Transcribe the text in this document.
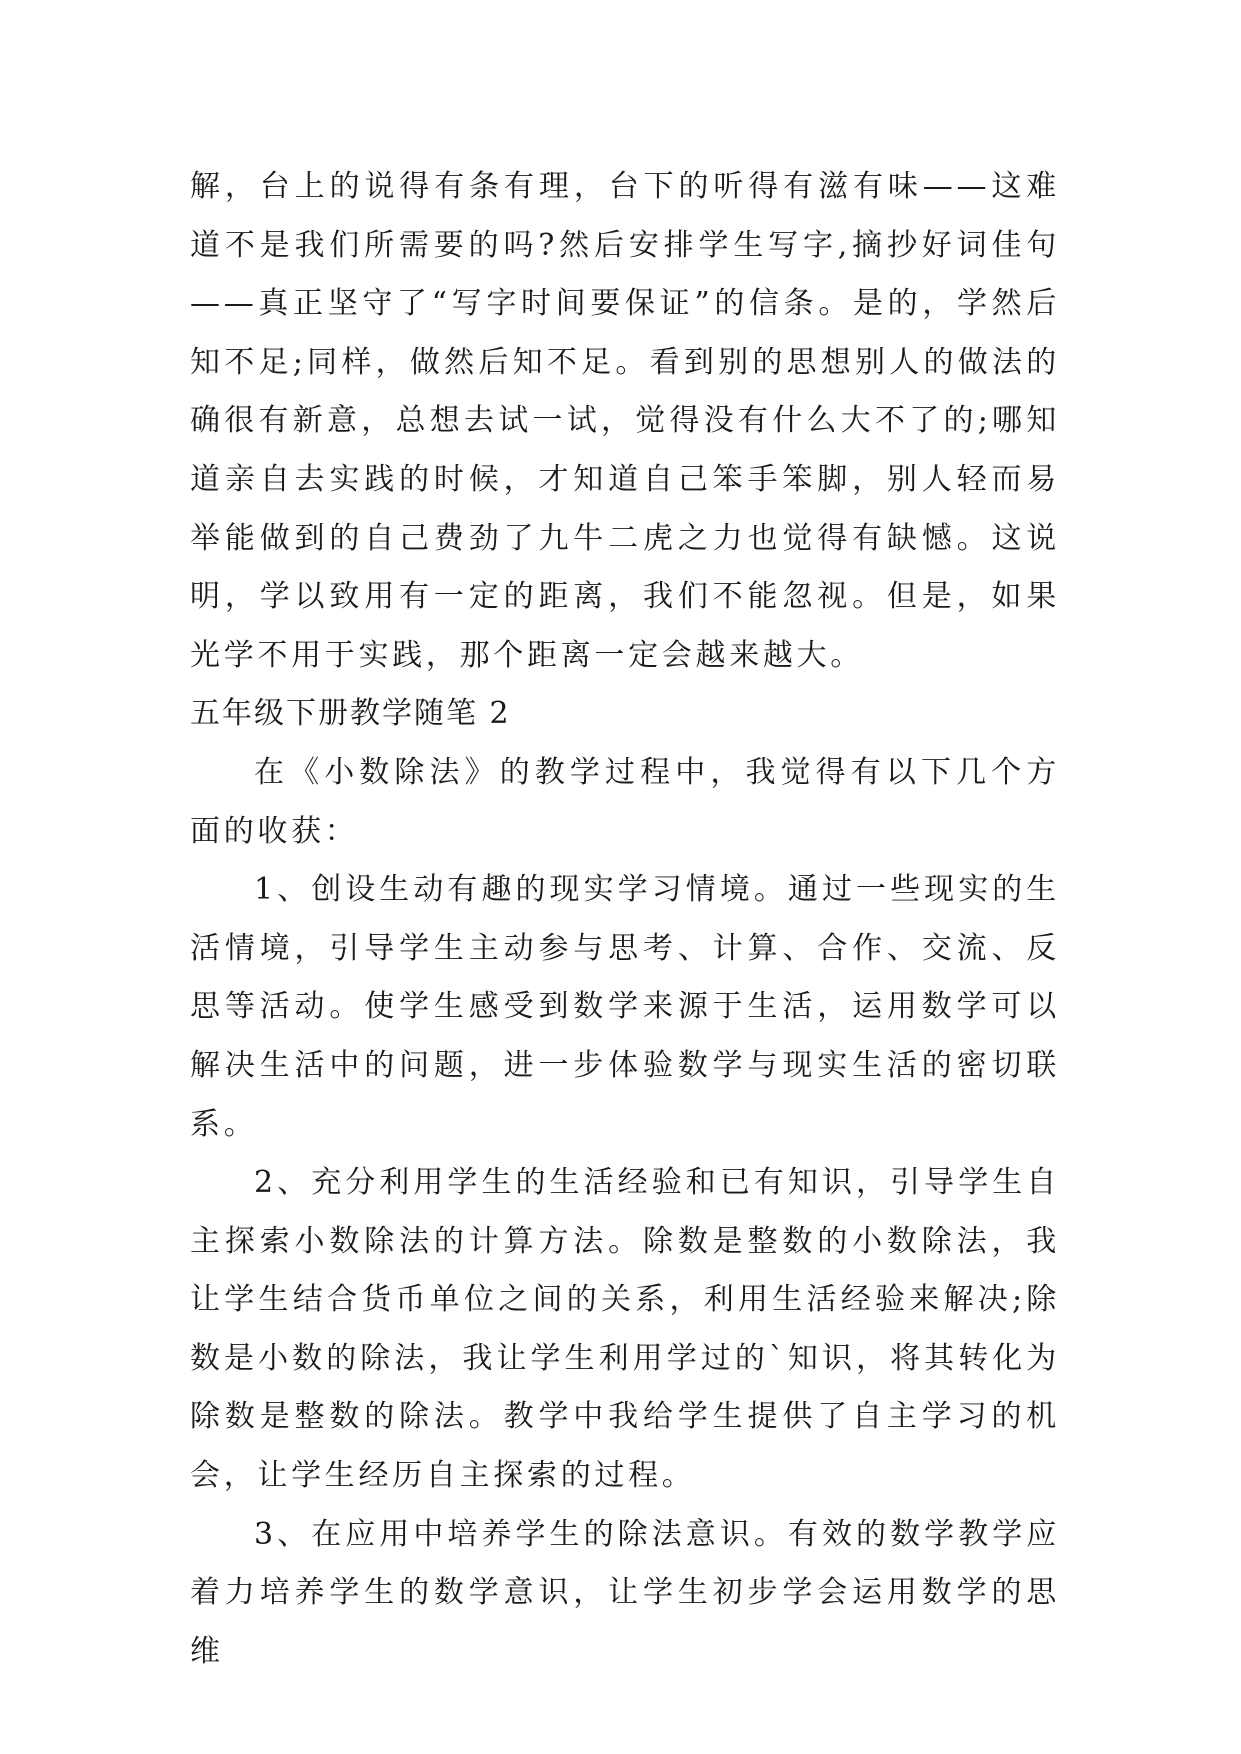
解，台上的说得有条有理，台下的听得有滋有味——这难道不是我们所需要的吗?然后安排学生写字,摘抄好词佳句——真正坚守了“写字时间要保证”的信条。是的，学然后知不足;同样，做然后知不足。看到别的思想别人的做法的确很有新意，总想去试一试，觉得没有什么大不了的;哪知道亲自去实践的时候，才知道自己笨手笨脚，别人轻而易举能做到的自己费劲了九牛二虎之力也觉得有缺憾。这说明，学以致用有一定的距离，我们不能忽视。但是，如果光学不用于实践，那个距离一定会越来越大。

五年级下册教学随笔 2

在《小数除法》的教学过程中，我觉得有以下几个方面的收获：

1、创设生动有趣的现实学习情境。通过一些现实的生活情境，引导学生主动参与思考、计算、合作、交流、反思等活动。使学生感受到数学来源于生活，运用数学可以解决生活中的问题，进一步体验数学与现实生活的密切联系。

2、充分利用学生的生活经验和已有知识，引导学生自主探索小数除法的计算方法。除数是整数的小数除法，我让学生结合货币单位之间的关系，利用生活经验来解决;除数是小数的除法，我让学生利用学过的`知识，将其转化为除数是整数的除法。教学中我给学生提供了自主学习的机会，让学生经历自主探索的过程。

3、在应用中培养学生的除法意识。有效的数学教学应着力培养学生的数学意识，让学生初步学会运用数学的思维
